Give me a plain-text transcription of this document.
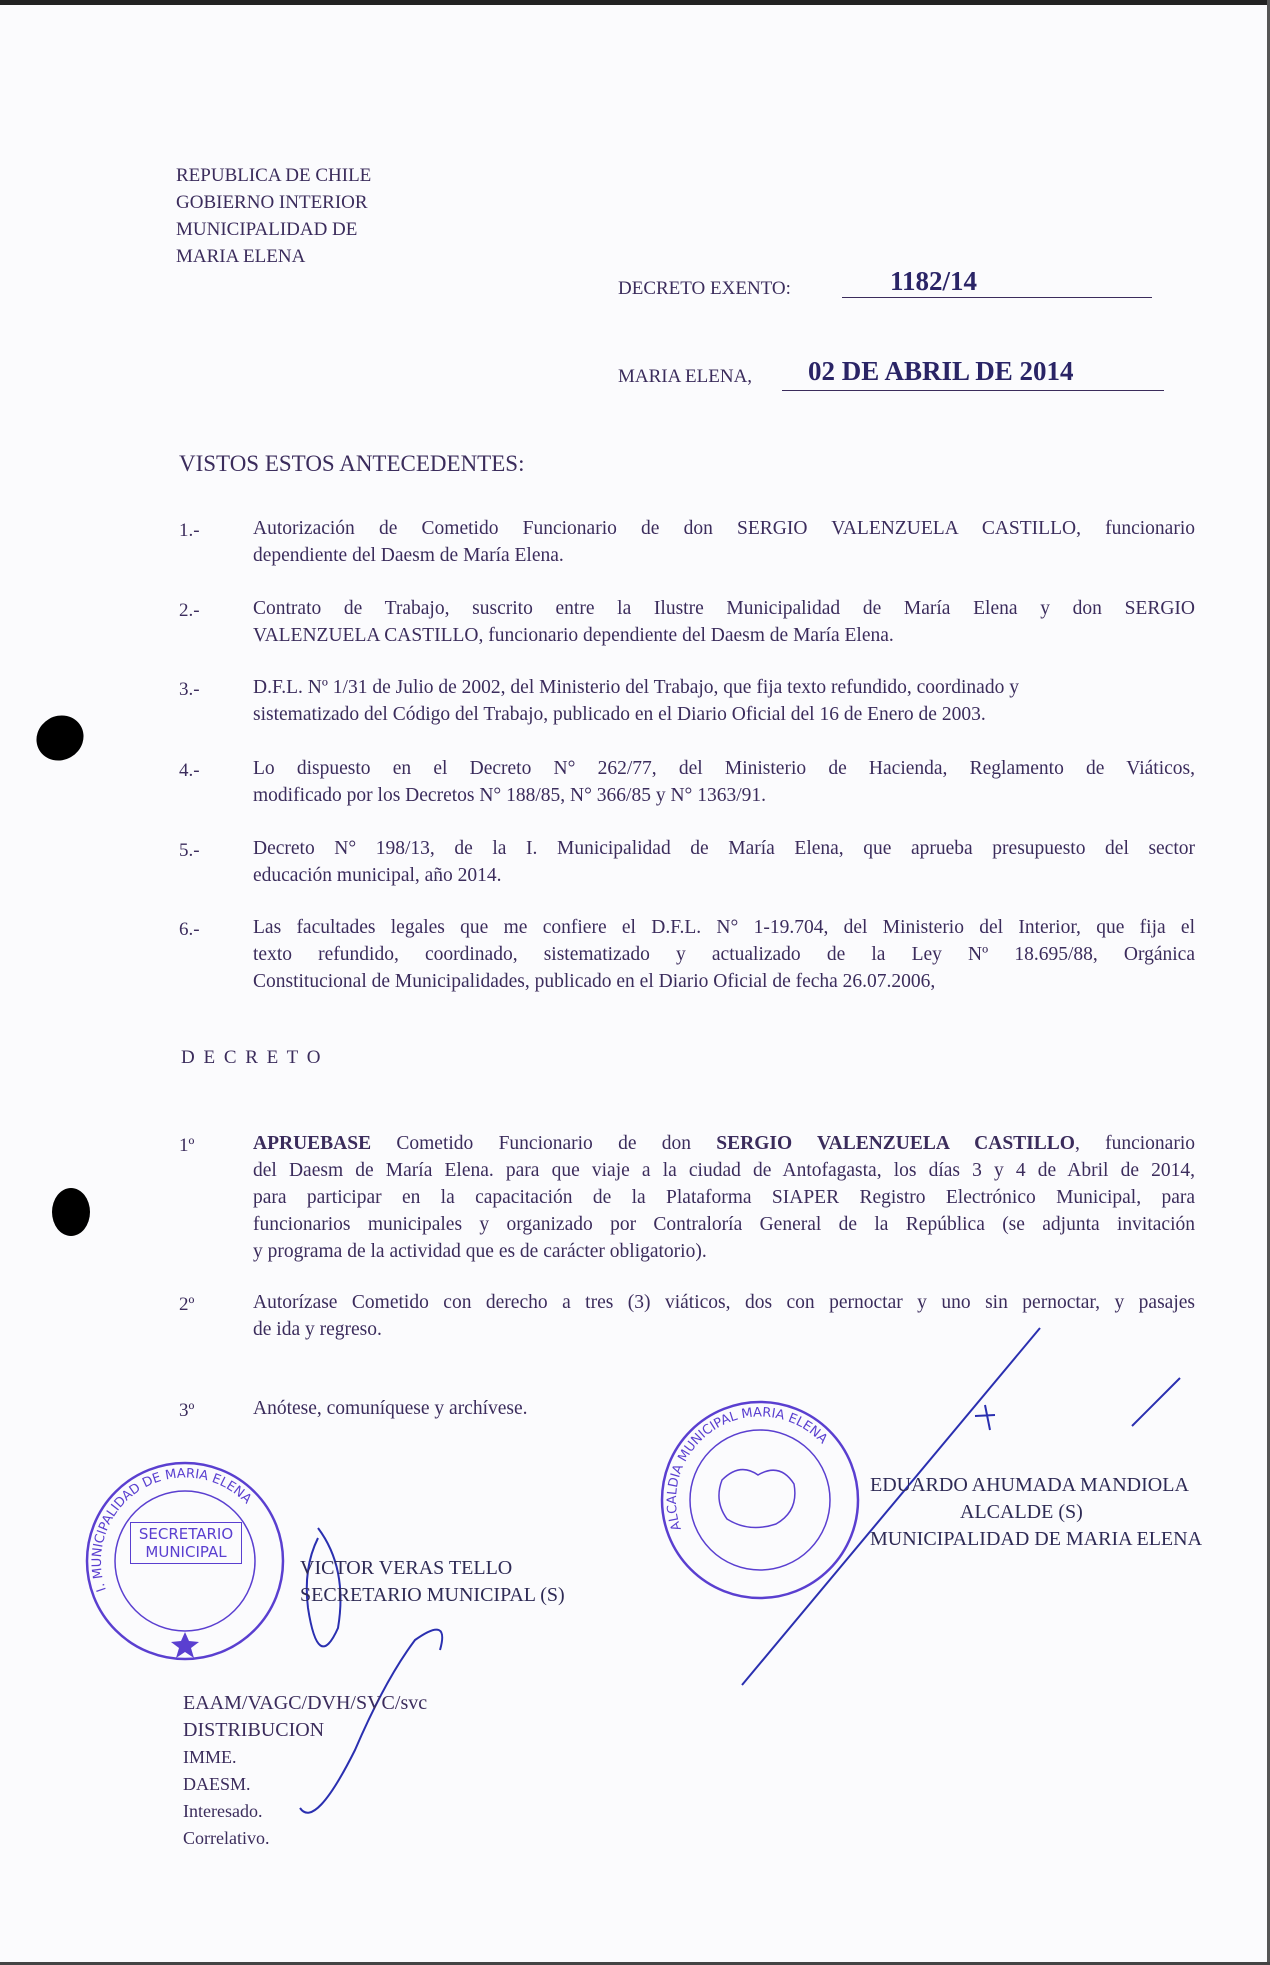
REPUBLICA DE CHILE
GOBIERNO INTERIOR
MUNICIPALIDAD DE
MARIA ELENA
DECRETO EXENTO:	1182/14
MARIA ELENA, 02 DE ABRIL DE 2014
VISTOS ESTOS ANTECEDENTES:
1.-	Autorización de Cometido Funcionario de don SERGIO VALENZUELA CASTILLO, funcionario
dependiente del Daesm de María Elena.
2.-	Contrato de Trabajo, suscrito entre la Ilustre Municipalidad de María Elena y don SERGIO
VALENZUELA CASTILLO, funcionario dependiente del Daesm de María Elena.
3.-	D.F.L. Nº 1/31 de Julio de 2002, del Ministerio del Trabajo, que fija texto refundido, coordinado y
sistematizado del Código del Trabajo, publicado en el Diario Oficial del 16 de Enero de 2003.
4.-	Lo dispuesto en el Decreto N° 262/77, del Ministerio de Hacienda, Reglamento de Viáticos,
modificado por los Decretos N° 188/85, N° 366/85 y N° 1363/91.
5.-	Decreto N° 198/13, de la I. Municipalidad de María Elena, que aprueba presupuesto del sector
educación municipal, año 2014.
6.-	Las facultades legales que me confiere el D.F.L. N° 1-19.704, del Ministerio del Interior, que fija el
texto refundido, coordinado, sistematizado y actualizado de la Ley Nº 18.695/88, Orgánica
Constitucional de Municipalidades, publicado en el Diario Oficial de fecha 26.07.2006,
D E C R E T O
1º	APRUEBASE Cometido Funcionario de don SERGIO VALENZUELA CASTILLO, funcionario
del Daesm de María Elena. para que viaje a la ciudad de Antofagasta, los días 3 y 4 de Abril de 2014,
para participar en la capacitación de la Plataforma SIAPER Registro Electrónico Municipal, para
funcionarios municipales y organizado por Contraloría General de la República (se adjunta invitación
y programa de la actividad que es de carácter obligatorio).
2º	Autorízase Cometido con derecho a tres (3) viáticos, dos con pernoctar y uno sin pernoctar, y pasajes
de ida y regreso.
3º	Anótese, comuníquese y archívese.
I. MUNICIPALIDAD DE MARIA ELENA
ALCALDIA MUNICIPAL MARIA ELENA
SECRETARIO MUNICIPAL
VICTOR VERAS TELLO
SECRETARIO MUNICIPAL (S)
EDUARDO AHUMADA MANDIOLA
ALCALDE (S)
MUNICIPALIDAD DE MARIA ELENA
EAAM/VAGC/DVH/SVC/svc
DISTRIBUCION
IMME.
DAESM.
Interesado.
Correlativo.
